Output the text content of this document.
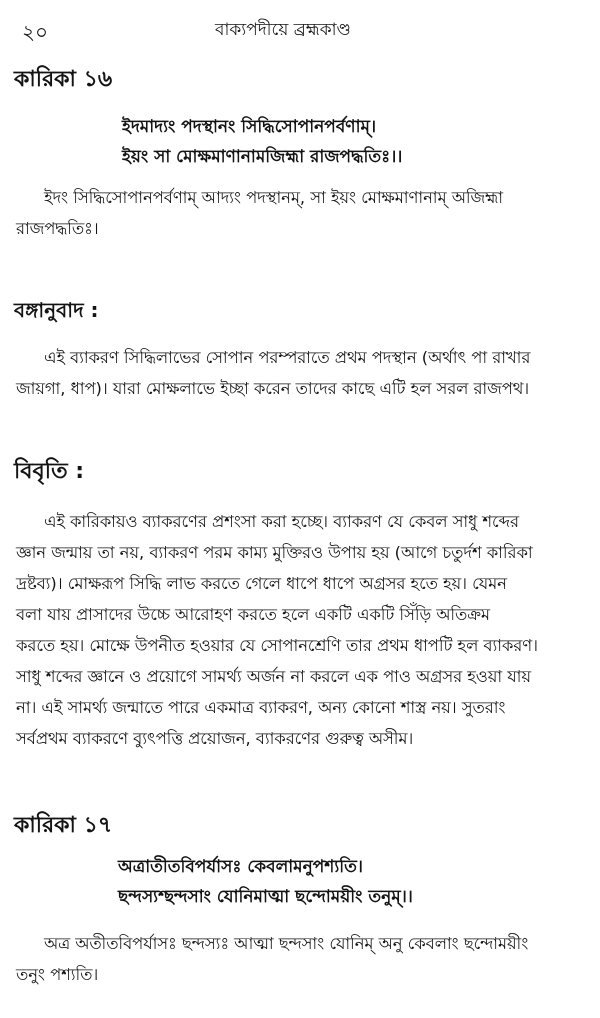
২০	বাক্যপদীয়ে ব্রহ্মকাণ্ড
কারিকা ১৬
ইদমাদ্যং পদস্থানং সিদ্ধিসোপানপর্বণাম্।
ইয়ং সা মোক্ষমাণানামজিহ্মা রাজপদ্ধতিঃ।।
ইদং সিদ্ধিসোপানপর্বণাম্ আদ্যং পদস্থানম্, সা ইয়ং মোক্ষমাণানাম্ অজিহ্মা
রাজপদ্ধতিঃ।
বঙ্গানুবাদ :
এই ব্যাকরণ সিদ্ধিলাভের সোপান পরম্পরাতে প্রথম পদস্থান (অর্থাৎ পা রাখার
জায়গা, ধাপ)। যারা মোক্ষলাভে ইচ্ছা করেন তাদের কাছে এটি হল সরল রাজপথ।
বিবৃতি :
এই কারিকায়ও ব্যাকরণের প্রশংসা করা হচ্ছে। ব্যাকরণ যে কেবল সাধু শব্দের
জ্ঞান জন্মায় তা নয়, ব্যাকরণ পরম কাম্য মুক্তিরও উপায় হয় (আগে চতুর্দশ কারিকা
দ্রষ্টব্য)। মোক্ষরূপ সিদ্ধি লাভ করতে গেলে ধাপে ধাপে অগ্রসর হতে হয়। যেমন
বলা যায় প্রাসাদের উচ্চে আরোহণ করতে হলে একটি একটি সিঁড়ি অতিক্রম
করতে হয়। মোক্ষে উপনীত হওয়ার যে সোপানশ্রেণি তার প্রথম ধাপটি হল ব্যাকরণ।
সাধু শব্দের জ্ঞানে ও প্রয়োগে সামর্থ্য অর্জন না করলে এক পাও অগ্রসর হওয়া যায়
না। এই সামর্থ্য জন্মাতে পারে একমাত্র ব্যাকরণ, অন্য কোনো শাস্ত্র নয়। সুতরাং
সর্বপ্রথম ব্যাকরণে ব্যুৎপত্তি প্রয়োজন, ব্যাকরণের গুরুত্ব অসীম।
কারিকা ১৭
অত্রাতীতবিপর্যাসঃ কেবলামনুপশ্যতি।
ছন্দস্যশ্ছন্দসাং যোনিমাত্মা ছন্দোময়ীং তনুম্।।
অত্র অতীতবিপর্যাসঃ ছন্দস্যঃ আত্মা ছন্দসাং যোনিম্ অনু কেবলাং ছন্দোময়ীং
তনুং পশ্যতি।
